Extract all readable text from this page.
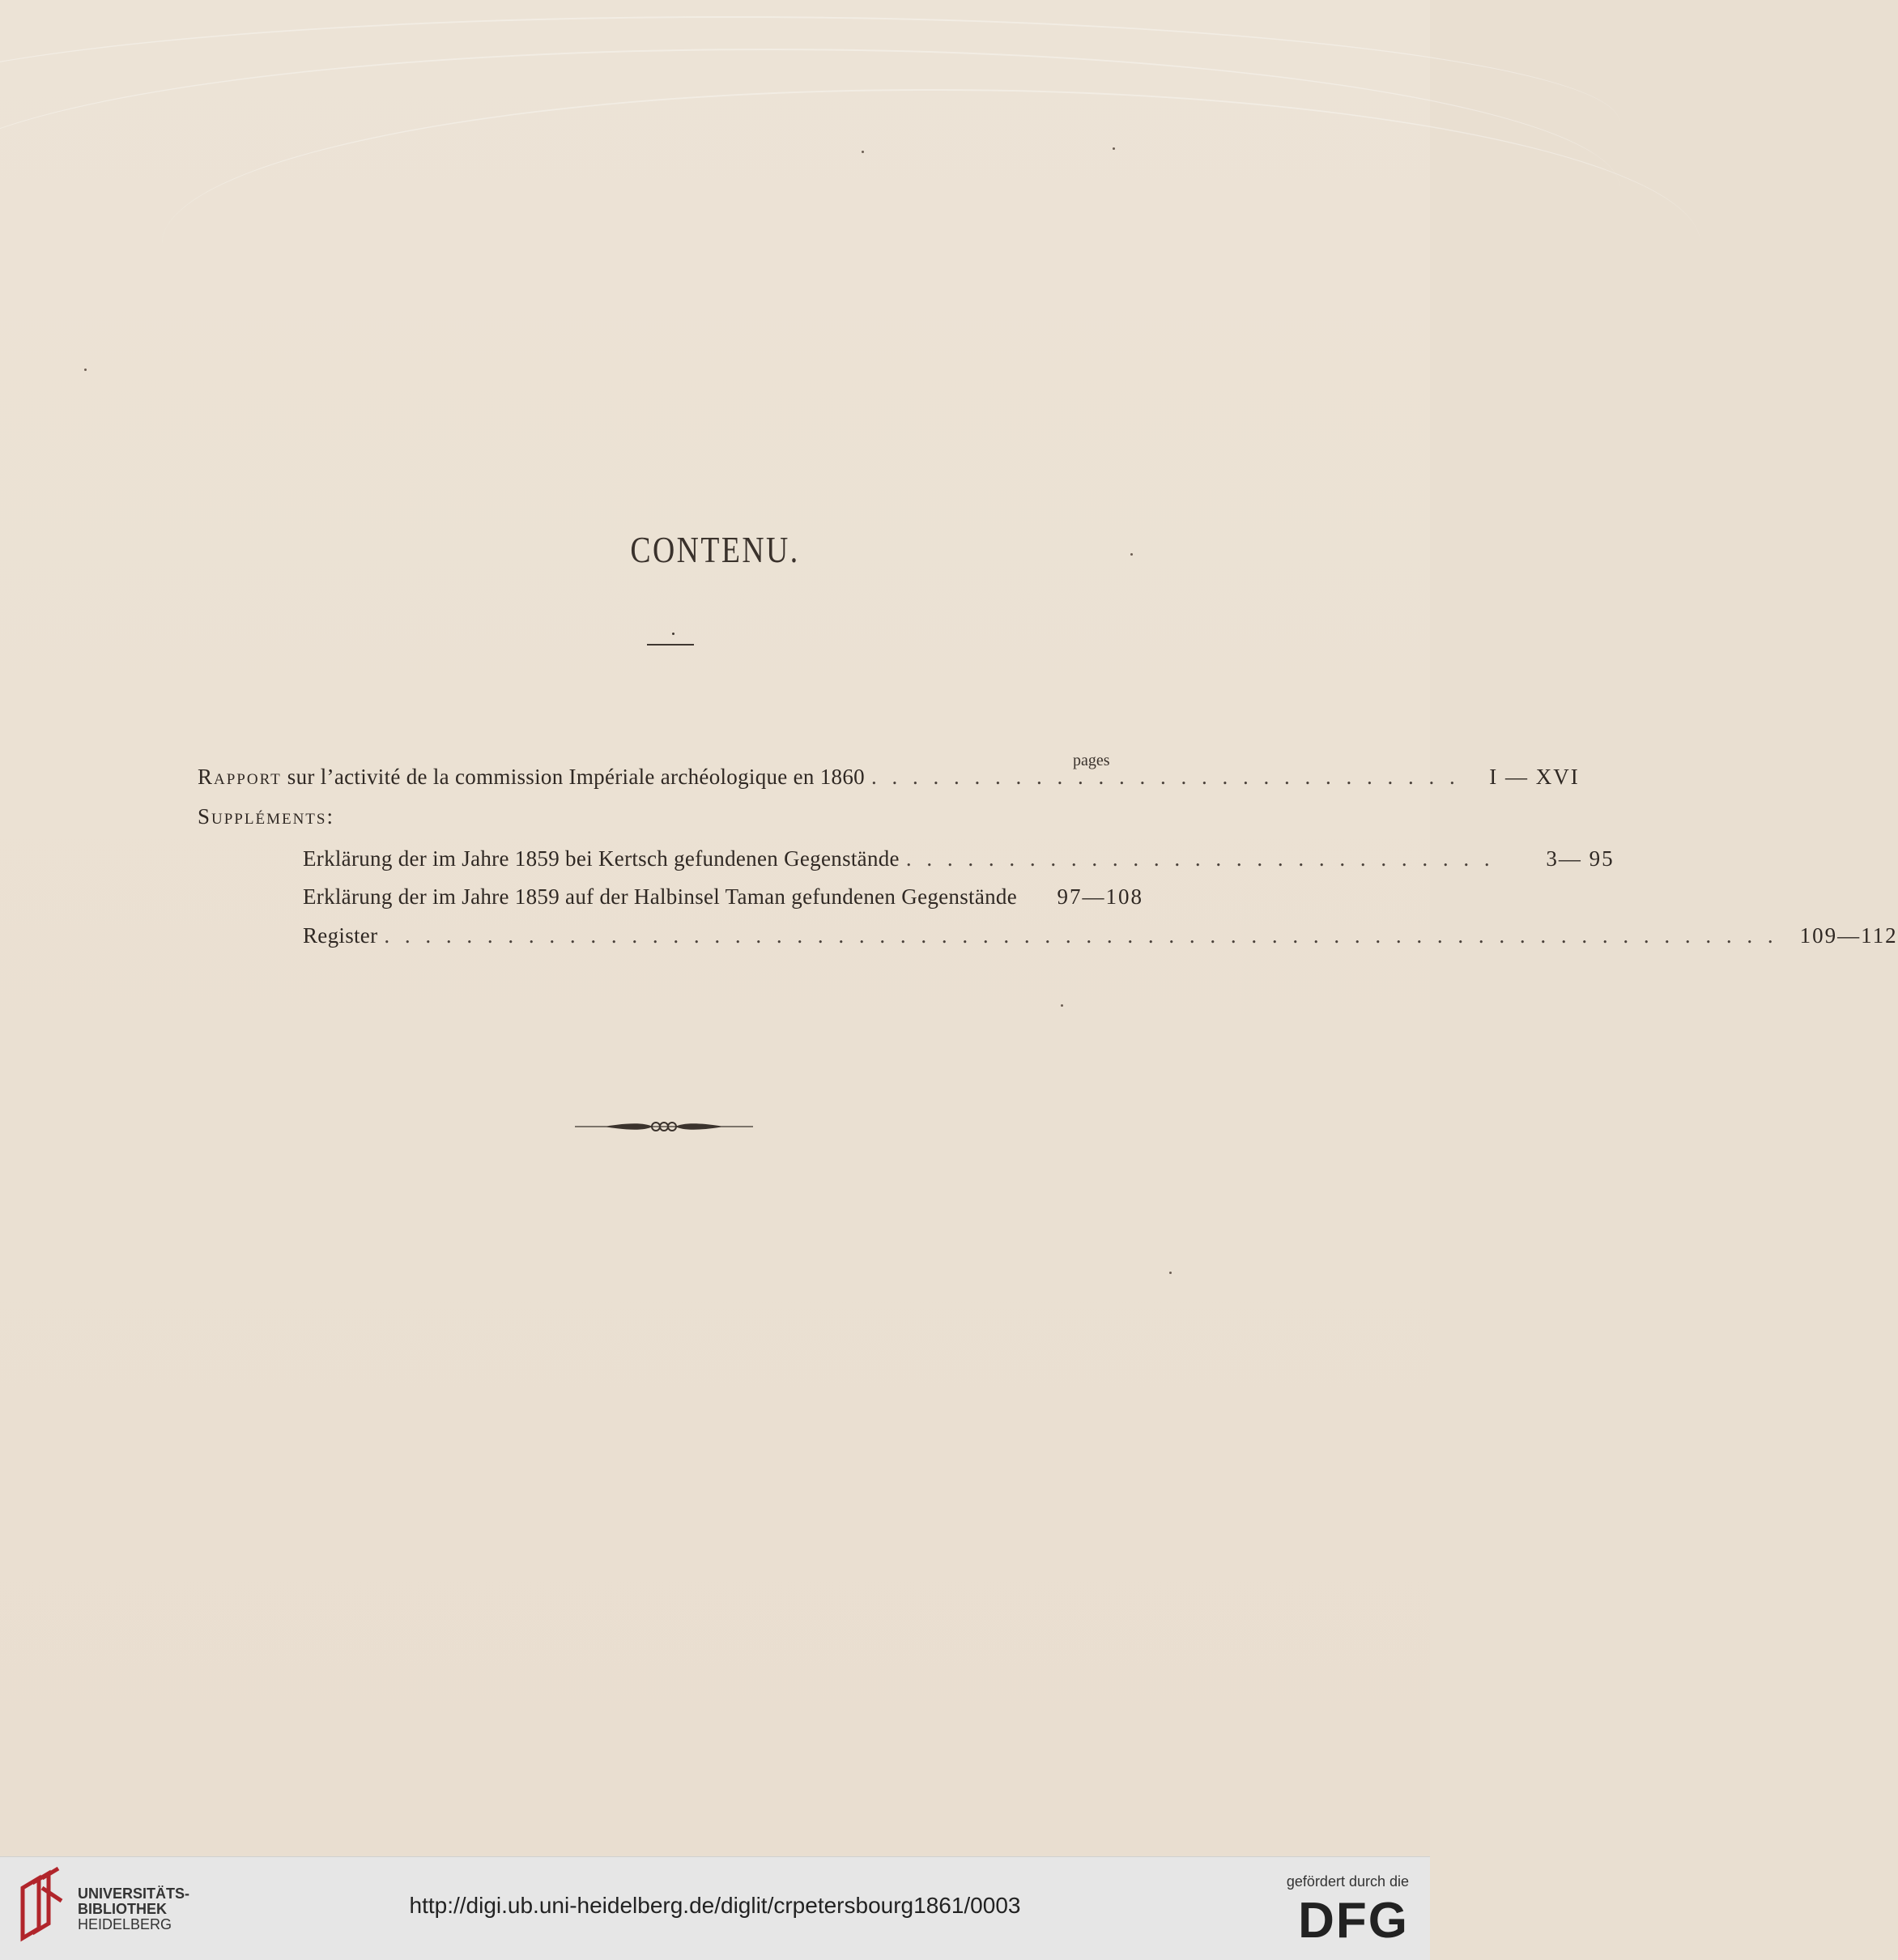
CONTENU.
pages
Rapport sur l’activité de la commission Impériale archéologique en 1860 . . . . . . . . . . . . . . . . . . . . . . . . . . . . .	I — XVI
Suppléments:
Erklärung der im Jahre 1859 bei Kertsch gefundenen Gegenstände . . . . . . . . . . . . . . . . . . . . . . . . . . . . .	3— 95
Erklärung der im Jahre 1859 auf der Halbinsel Taman gefundenen Gegenstände	97—108
Register . . . . . . . . . . . . . . . . . . . . . . . . . . . . . . . . . . . . . . . . . . . . . . . . . . . . . . . . . . . . . . . . . . . .	109—112
UNIVERSITÄTS-
BIBLIOTHEK
HEIDELBERG
http://digi.ub.uni-heidelberg.de/diglit/crpetersbourg1861/0003
gefördert durch die
DFG
